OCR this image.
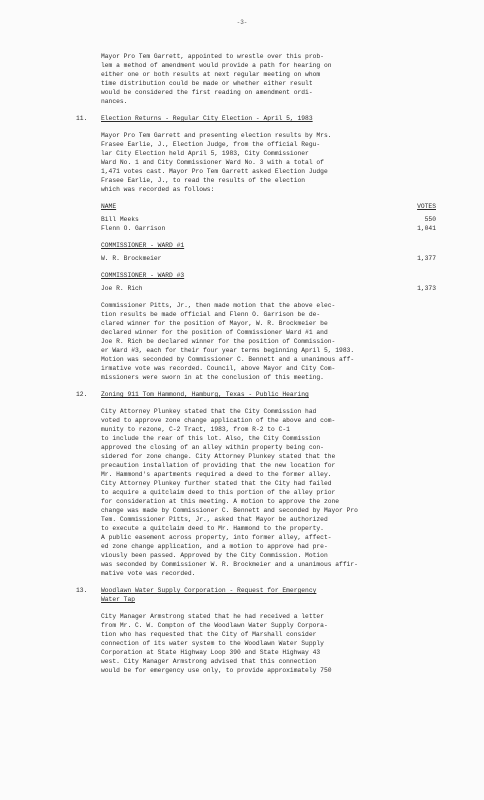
-3-
Mayor Pro Tem Garrett, appointed to wrestle over this prob-
lem a method of amendment would provide a path for hearing on
either one or both results at next regular meeting on whom
time distribution could be made or whether either result
would be considered the first reading on amendment ordi-
nances.
11. Election Returns - Regular City Election - April 5, 1983
Mayor Pro Tem Garrett and presenting election results by Mrs.
Frasee Earlie, J., Election Judge, from the official Regu-
lar City Election held April 5, 1983, City Commissioner
Ward No. 1 and City Commissioner Ward No. 3 with a total of
1,471 votes cast. Mayor Pro Tem Garrett asked Election Judge
Frasee Earlie, J., to read the results of the election
which was recorded as follows:
NAME	VOTES
Bill Meeks	550
Flenn O. Garrison	1,041
COMMISSIONER - WARD #1
W. R. Brockmeier	1,377
COMMISSIONER - WARD #3
Joe R. Rich	1,373
Commissioner Pitts, Jr., then made motion that the above elec-
tion results be made official and Flenn O. Garrison be de-
clared winner for the position of Mayor, W. R. Brockmeier be
declared winner for the position of Commissioner Ward #1 and
Joe R. Rich be declared winner for the position of Commission-
er Ward #3, each for their four year terms beginning April 5, 1983.
Motion was seconded by Commissioner C. Bennett and a unanimous aff-
irmative vote was recorded. Council, above Mayor and City Com-
missioners were sworn in at the conclusion of this meeting.
12. Zoning 911 Tom Hammond, Hamburg, Texas - Public Hearing
City Attorney Plunkey stated that the City Commission had
voted to approve zone change application of the above and com-
munity to rezone, C-2 Tract, 1983, from R-2 to C-1
to include the rear of this lot. Also, the City Commission
approved the closing of an alley within property being con-
sidered for zone change. City Attorney Plunkey stated that the
precaution installation of providing that the new location for
Mr. Hammond's apartments required a deed to the former alley.
City Attorney Plunkey further stated that the City had failed
to acquire a quitclaim deed to this portion of the alley prior
for consideration at this meeting. A motion to approve the zone
change was made by Commissioner C. Bennett and seconded by Mayor Pro
Tem. Commissioner Pitts, Jr., asked that Mayor be authorized
to execute a quitclaim deed to Mr. Hammond to the property.
A public easement across property, into former alley, affect-
ed zone change application, and a motion to approve had pre-
viously been passed. Approved by the City Commission. Motion
was seconded by Commissioner W. R. Brockmeier and a unanimous affir-
mative vote was recorded.
13. Woodlawn Water Supply Corporation - Request for Emergency
Water Tap
City Manager Armstrong stated that he had received a letter
from Mr. C. W. Compton of the Woodlawn Water Supply Corpora-
tion who has requested that the City of Marshall consider
connection of its water system to the Woodlawn Water Supply
Corporation at State Highway Loop 390 and State Highway 43
west. City Manager Armstrong advised that this connection
would be for emergency use only, to provide approximately 750
